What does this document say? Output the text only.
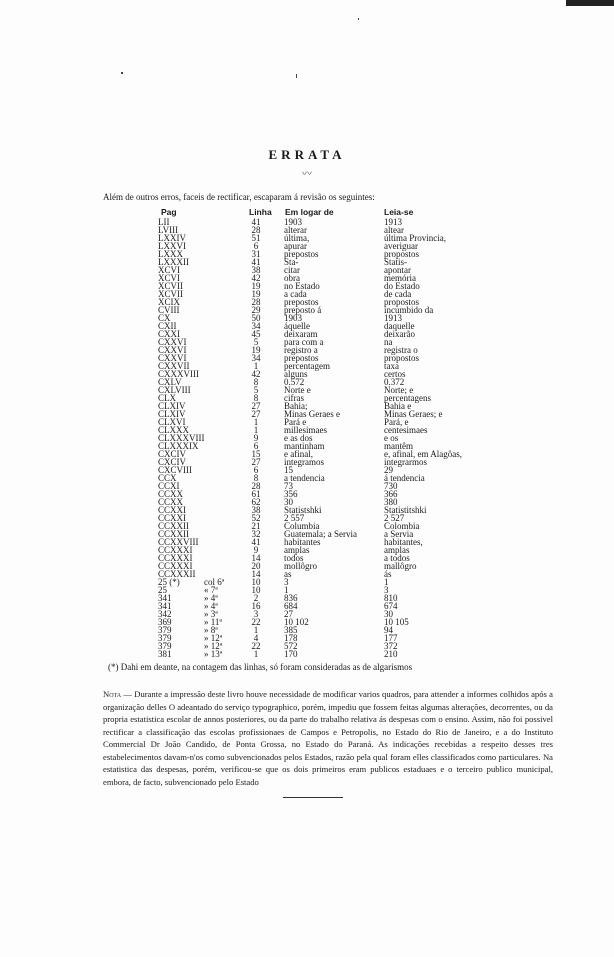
ERRATA
〰
Além de outros erros, faceis de rectificar, escaparam á revisão os seguintes:
Pag	Linha Em logar de	Leia-se
LII	41	1903	1913
LVIII	28	alterar	altear
LXXIV	51	última,	última Provincia,
LXXVI	6	apurar	averiguar
LXXX	31	prepostos	propostos
LXXXII	41	Sta-	Statis-
XCVI	38	citar	apontar
XCVI	42	obra	memória
XCVII	19	no Estado	do Estado
XCVII	19	a cada	de cada
XCIX	28	prepostos	propostos
CVIII	29	preposto á	incumbido da
CX	50	1903	1913
CXII	34	áquelle	daquelle
CXXI	45	deixaram	deixarão
CXXVI	5	para com a	na
CXXVI	19	registro a	registra o
CXXVI	34	prepostos	propostos
CXXVII	1	percentagem	taxa
CXXXVIII	42	alguns	certos
CXLV	8	0.572	0.372
CXLVIII	5	Norte e	Norte; e
CLX	8	cifras	percentagens
CLXIV	27	Bahia;	Bahia e
CLXIV	27	Minas Geraes e	Minas Geraes; e
CLXVI	1	Pará e	Pará, e
CLXXX	1	millesimaes	centesimaes
CLXXXVIII	9	e as dos	e os
CLXXXIX	6	mantinham	mantêm
CXCIV	15	e afinal,	e, afinal, em Alagôas,
CXCIV	27	integramos	integrarmos
CXCVIII	6	15	29
CCX	8	a tendencia	á tendencia
CCXI	28	73	730
CCXX	61	356	366
CCXX	62	30	380
CCXXI	38	Statistshki	Statistitshki
CCXXI	52	2 557	2 527
CCXXII	21	Columbia	Colombia
CCXXII	32	Guatemala; a Servia	a Servia
CCXXVIII	41	habitantes	habitantes,
CCXXXI	9	amplas	amplas
CCXXXI	14	todos	a todos
CCXXXI	20	mollôgro	mallôgro
CCXXXII	14	as	ás
25 (*)	col 6ª	10	3	1
25	« 7ª	10	1	3
341	» 4ª	2	836	810
341	» 4ª	16	684	674
342	» 3ª	3	27	30
369	» 11ª	22	10 102	10 105
379	» 8ª	1	385	94
379	» 12ª	4	178	177
379	» 12ª	22	572	372
381	» 13ª	1	170	210
(*) Dahi em deante, na contagem das linhas, só foram consideradas as de algarismos
Nota — Durante a impressão deste livro houve necessidade de modificar varios quadros, para attender a informes colhidos após a organização delles O adeantado do serviço typographico, porém, impediu que fossem feitas algumas alterações, decorrentes, ou da propria estatistica escolar de annos posteriores, ou da parte do trabalho relativa ás despesas com o ensino. Assim, não foi possivel rectificar a classificação das escolas profissionaes de Campos e Petropolis, no Estado do Rio de Janeiro, e a do Instituto Commercial Dr João Candido, de Ponta Grossa, no Estado do Paraná. As indicações recebidas a respeito desses tres estabelecimentos davam-n'os como subvencionados pelos Estados, razão pela qual foram elles classificados como particulares. Na estatistica das despesas, porém, verificou-se que os dois primeiros eram publicos estaduaes e o terceiro publico municipal, embora, de facto, subvencionado pelo Estado
